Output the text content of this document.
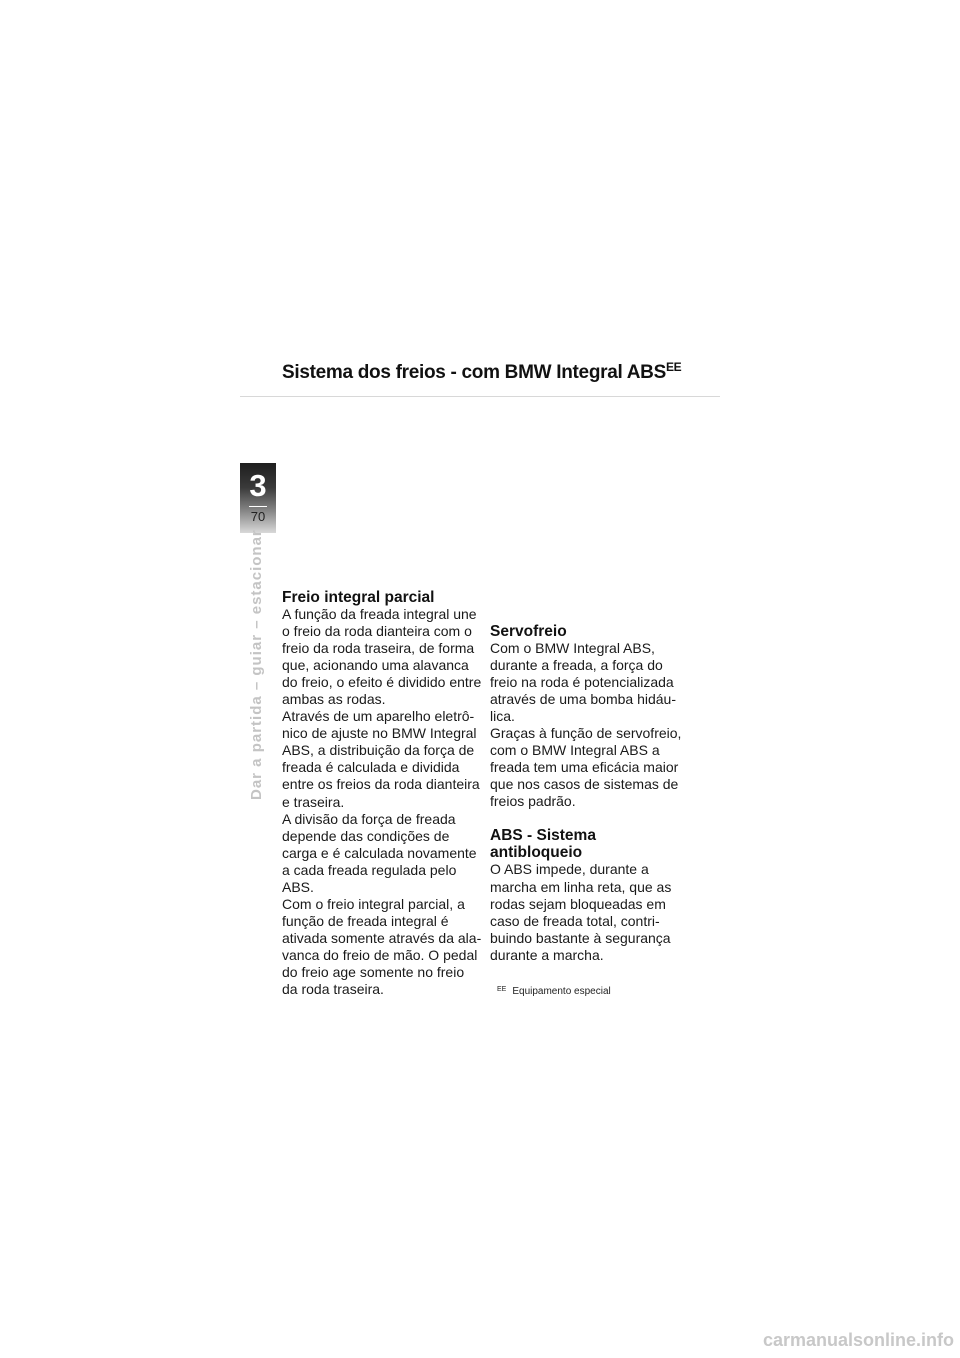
Sistema dos freios - com BMW Integral $ABS^{EE}$
3
70
Dar a partida – guiar – estacionar Freio integral parcial

A função da freada integral une
o freio da roda dianteira com o
freio da roda traseira, de forma
que, acionando uma alavanca
do freio, o efeito é dividido entre
ambas as rodas.
Através de um aparelho eletrô-
nico de ajuste no BMW Integral
ABS, a distribuição da força de
freada é calculada e dividida
entre os freios da roda dianteira
e traseira.
A divisão da força de freada
depende das condições de
carga e é calculada novamente
a cada freada regulada pelo
ABS.
Com o freio integral parcial, a
função de freada integral é
ativada somente através da ala-
vanca do freio de mão. O pedal
do freio age somente no freio
da roda traseira.

Servofreio

Com o BMW Integral ABS,
durante a freada, a força do
freio na roda é potencializada
através de uma bomba hidáu-
lica.
Graças à função de servofreio,
com o BMW Integral ABS a
freada tem uma eficácia maior
que nos casos de sistemas de
freios padrão.

ABS - Sistema
antibloqueio

O ABS impede, durante a
marcha em linha reta, que as
rodas sejam bloqueadas em
caso de freada total, contri-
buindo bastante à segurança
durante a marcha.

$^{EE}$ Equipamento especial
carmanualsonline.info
